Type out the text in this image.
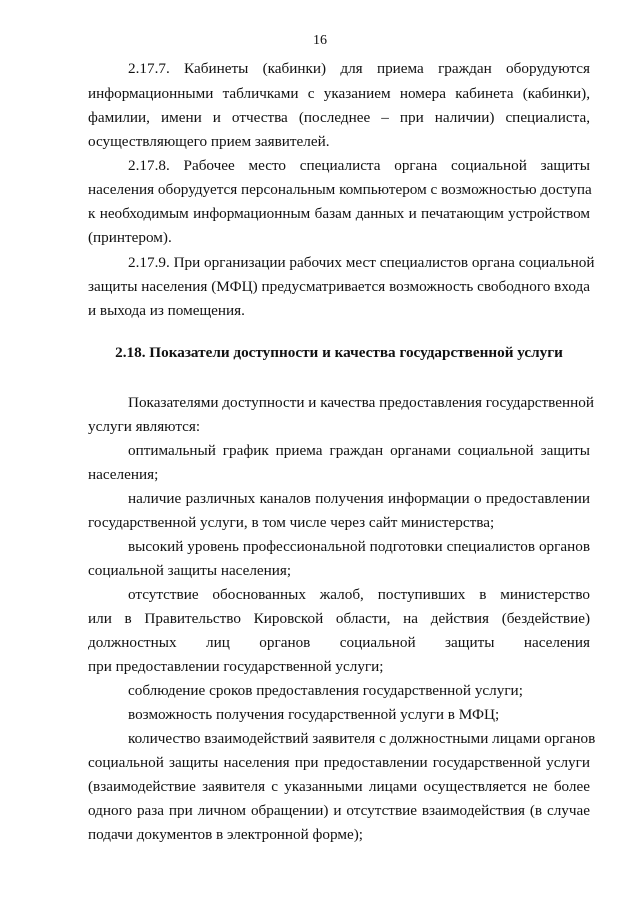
16
2.17.7. Кабинеты (кабинки) для приема граждан оборудуются
информационными табличками с указанием номера кабинета (кабинки),
фамилии, имени и отчества (последнее – при наличии) специалиста,
осуществляющего прием заявителей.
2.17.8. Рабочее место специалиста органа социальной защиты
населения оборудуется персональным компьютером с возможностью доступа
к необходимым информационным базам данных и печатающим устройством
(принтером).
2.17.9. При организации рабочих мест специалистов органа социальной
защиты населения (МФЦ) предусматривается возможность свободного входа
и выхода из помещения.
2.18. Показатели доступности и качества государственной услуги
Показателями доступности и качества предоставления государственной
услуги являются:
оптимальный график приема граждан органами социальной защиты
населения;
наличие различных каналов получения информации о предоставлении
государственной услуги, в том числе через сайт министерства;
высокий уровень профессиональной подготовки специалистов органов
социальной защиты населения;
отсутствие обоснованных жалоб, поступивших в министерство
или в Правительство Кировской области, на действия (бездействие)
должностных лиц органов социальной защиты населения
при предоставлении государственной услуги;
соблюдение сроков предоставления государственной услуги;
возможность получения государственной услуги в МФЦ;
количество взаимодействий заявителя с должностными лицами органов
социальной защиты населения при предоставлении государственной услуги
(взаимодействие заявителя с указанными лицами осуществляется не более
одного раза при личном обращении) и отсутствие взаимодействия (в случае
подачи документов в электронной форме);
